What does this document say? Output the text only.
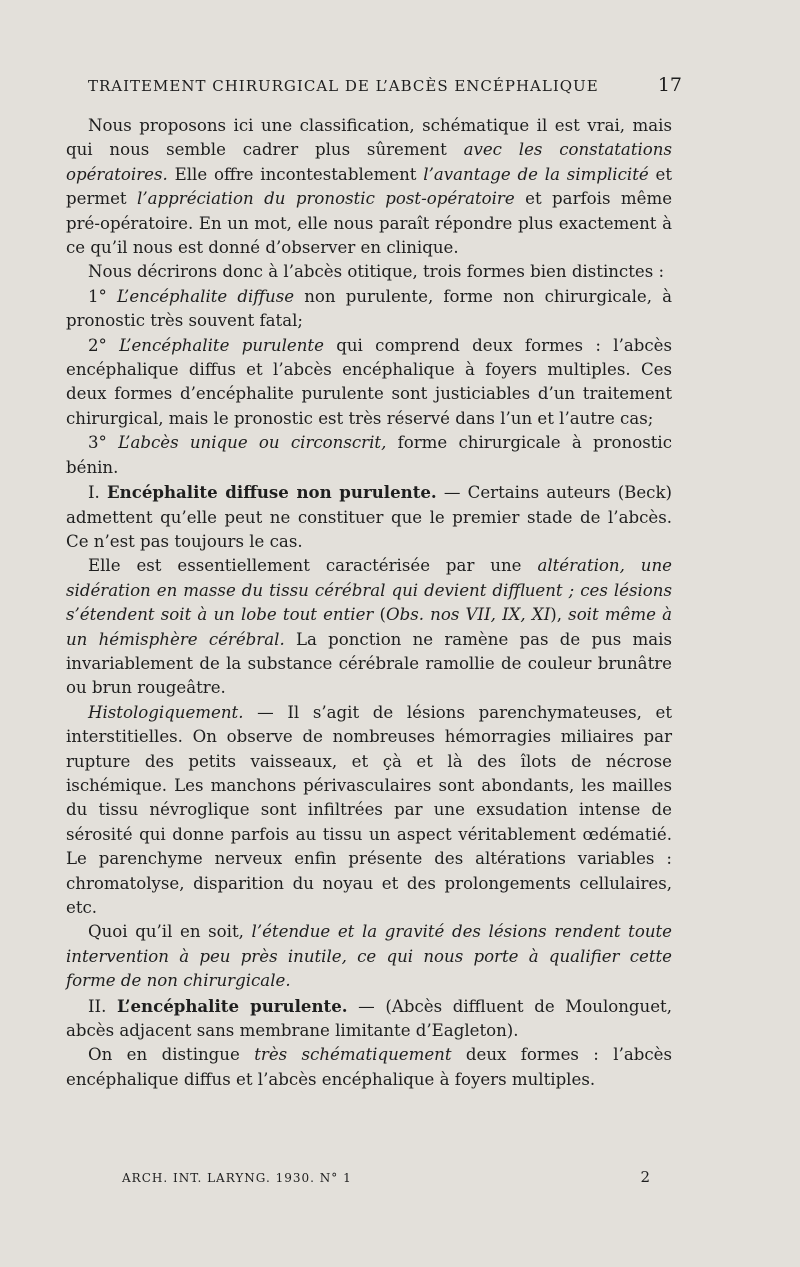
TRAITEMENT CHIRURGICAL DE L’ABCÈS ENCÉPHALIQUE	17

Nous proposons ici une classification, schématique il est vrai, mais qui nous semble cadrer plus sûrement avec les constatations opératoires. Elle offre incontestablement l’avantage de la simplicité et permet l’appréciation du pronostic post-opératoire et parfois même pré-opératoire. En un mot, elle nous paraît répondre plus exactement à ce qu’il nous est donné d’observer en clinique.

Nous décrirons donc à l’abcès otitique, trois formes bien distinctes :

1° L’encéphalite diffuse non purulente, forme non chirurgicale, à pronostic très souvent fatal;

2° L’encéphalite purulente qui comprend deux formes : l’abcès encéphalique diffus et l’abcès encéphalique à foyers multiples. Ces deux formes d’encéphalite purulente sont justiciables d’un traitement chirurgical, mais le pronostic est très réservé dans l’un et l’autre cas;

3° L’abcès unique ou circonscrit, forme chirurgicale à pronostic bénin.

I. Encéphalite diffuse non purulente. — Certains auteurs (Beck) admettent qu’elle peut ne constituer que le premier stade de l’abcès. Ce n’est pas toujours le cas.

Elle est essentiellement caractérisée par une altération, une sidération en masse du tissu cérébral qui devient diffluent ; ces lésions s’étendent soit à un lobe tout entier (Obs. nos VII, IX, XI), soit même à un hémisphère cérébral. La ponction ne ramène pas de pus mais invariablement de la substance cérébrale ramollie de couleur brunâtre ou brun rougeâtre.

Histologiquement. — Il s’agit de lésions parenchymateuses, et interstitielles. On observe de nombreuses hémorragies miliaires par rupture des petits vaisseaux, et çà et là des îlots de nécrose ischémique. Les manchons périvasculaires sont abondants, les mailles du tissu névroglique sont infiltrées par une exsudation intense de sérosité qui donne parfois au tissu un aspect véritablement œdématié. Le parenchyme nerveux enfin présente des altérations variables : chromatolyse, disparition du noyau et des prolongements cellulaires, etc.

Quoi qu’il en soit, l’étendue et la gravité des lésions rendent toute intervention à peu près inutile, ce qui nous porte à qualifier cette forme de non chirurgicale.

II. L’encéphalite purulente. — (Abcès diffluent de Moulonguet, abcès adjacent sans membrane limitante d’Eagleton).

On en distingue très schématiquement deux formes : l’abcès encéphalique diffus et l’abcès encéphalique à foyers multiples.

ARCH. INT. LARYNG. 1930. N° 1	2
